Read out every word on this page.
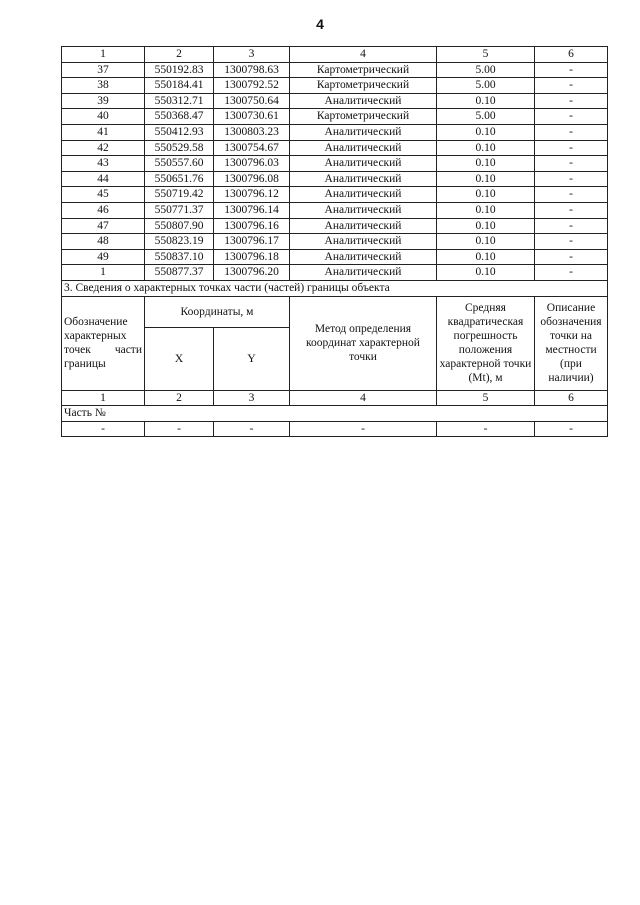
4
1	2	3	4	5	6
37	550192.83	1300798.63	Картометрический	5.00	-
38	550184.41	1300792.52	Картометрический	5.00	-
39	550312.71	1300750.64	Аналитический	0.10	-
40	550368.47	1300730.61	Картометрический	5.00	-
41	550412.93	1300803.23	Аналитический	0.10	-
42	550529.58	1300754.67	Аналитический	0.10	-
43	550557.60	1300796.03	Аналитический	0.10	-
44	550651.76	1300796.08	Аналитический	0.10	-
45	550719.42	1300796.12	Аналитический	0.10	-
46	550771.37	1300796.14	Аналитический	0.10	-
47	550807.90	1300796.16	Аналитический	0.10	-
48	550823.19	1300796.17	Аналитический	0.10	-
49	550837.10	1300796.18	Аналитический	0.10	-
1	550877.37	1300796.20	Аналитический	0.10	-
3. Сведения о характерных точках части (частей) границы объекта					
Обозначение характерных точек части границы	Координаты, м		Метод определения координат характерной точки	Средняя квадратическая погрешность положения характерной точки (Mt), м	Описание обозначения точки на местности (при наличии)
	X	Y			
1	2	3	4	5	6
Часть №					
-	-	-	-	-	-
